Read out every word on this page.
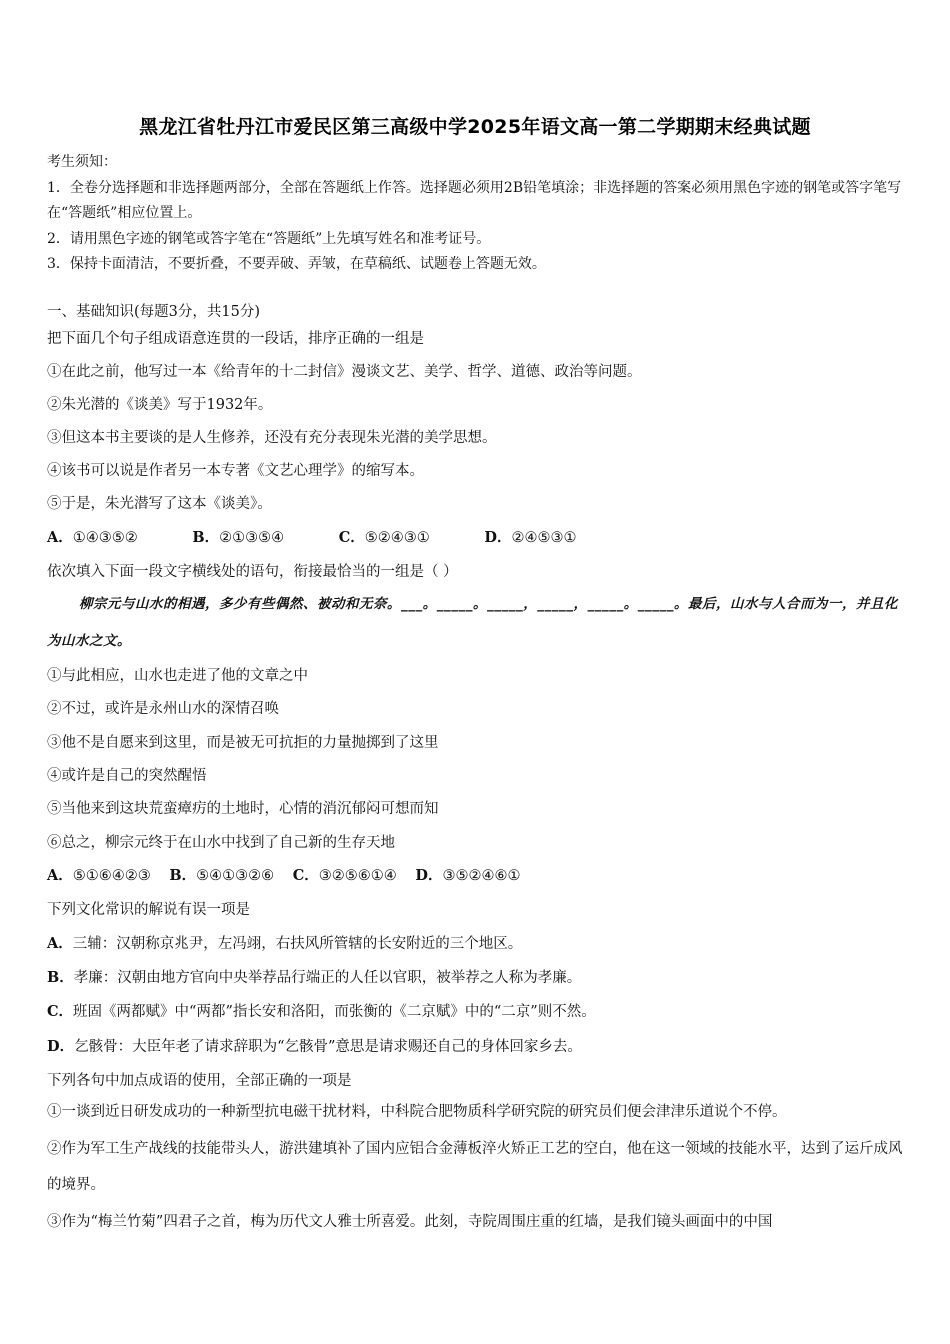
黑龙江省牡丹江市爱民区第三高级中学2025年语文高一第二学期期末经典试题
考生须知：
1．全卷分选择题和非选择题两部分，全部在答题纸上作答。选择题必须用2B铅笔填涂；非选择题的答案必须用黑色字迹的钢笔或答字笔写在“答题纸”相应位置上。
2．请用黑色字迹的钢笔或答字笔在“答题纸”上先填写姓名和准考证号。
3．保持卡面清洁，不要折叠，不要弄破、弄皱，在草稿纸、试题卷上答题无效。
一、基础知识(每题3分，共15分)
把下面几个句子组成语意连贯的一段话，排序正确的一组是
①在此之前，他写过一本《给青年的十二封信》漫谈文艺、美学、哲学、道德、政治等问题。
②朱光潜的《谈美》写于1932年。
③但这本书主要谈的是人生修养，还没有充分表现朱光潜的美学思想。
④该书可以说是作者另一本专著《文艺心理学》的缩写本。
⑤于是，朱光潜写了这本《谈美》。
A．①④③⑤②	B．②①③⑤④	C．⑤②④③①	D．②④⑤③①
依次填入下面一段文字横线处的语句，衔接最恰当的一组是（ ）
柳宗元与山水的相遇，多少有些偶然、被动和无奈。___。_____。_____，_____，_____。_____。最后，山水与人合而为一，并且化为山水之文。
①与此相应，山水也走进了他的文章之中
②不过，或许是永州山水的深情召唤
③他不是自愿来到这里，而是被无可抗拒的力量抛掷到了这里
④或许是自己的突然醒悟
⑤当他来到这块荒蛮瘴疠的土地时，心情的消沉郁闷可想而知
⑥总之，柳宗元终于在山水中找到了自己新的生存天地
A．⑤①⑥④②③ B．⑤④①③②⑥ C．③②⑤⑥①④ D．③⑤②④⑥①
下列文化常识的解说有误一项是
A．三辅：汉朝称京兆尹，左冯翊，右扶风所管辖的长安附近的三个地区。
B．孝廉：汉朝由地方官向中央举荐品行端正的人任以官职，被举荐之人称为孝廉。
C．班固《两都赋》中“两都”指长安和洛阳，而张衡的《二京赋》中的“二京”则不然。
D．乞骸骨：大臣年老了请求辞职为“乞骸骨”意思是请求赐还自己的身体回家乡去。
下列各句中加点成语的使用，全部正确的一项是
①一谈到近日研发成功的一种新型抗电磁干扰材料，中科院合肥物质科学研究院的研究员们便会津津乐道说个不停。
②作为军工生产战线的技能带头人，游洪建填补了国内应铝合金薄板淬火矫正工艺的空白，他在这一领域的技能水平，达到了运斤成风的境界。
③作为“梅兰竹菊”四君子之首，梅为历代文人雅士所喜爱。此刻，寺院周围庄重的红墙，是我们镜头画面中的中国
